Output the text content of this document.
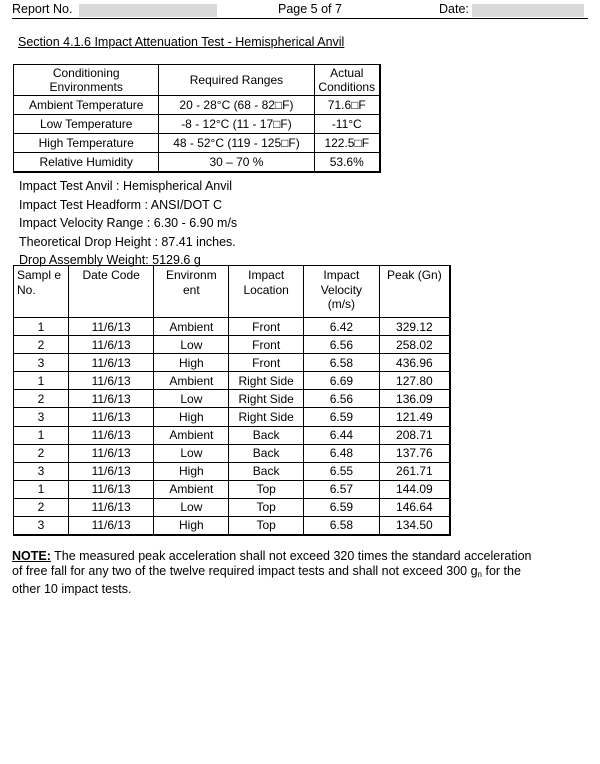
Report No.	Page 5 of 7	Date:
Section 4.1.6 Impact Attenuation Test - Hemispherical Anvil
Conditioning Environments	Required Ranges	Actual Conditions
Ambient Temperature	20 - 28°C (68 - 82□F)	71.6□F
Low Temperature	-8 - 12°C (11 - 17□F)	-11°C
High Temperature	48 - 52°C (119 - 125□F)	122.5□F
Relative Humidity	30 – 70 %	53.6%
Impact Test Anvil : Hemispherical Anvil
Impact Test Headform : ANSI/DOT C
Impact Velocity Range : 6.30 - 6.90 m/s
Theoretical Drop Height : 87.41 inches.
Drop Assembly Weight: 5129.6 g
Sampl e No.	Date Code	Environm ent	Impact Location	Impact Velocity (m/s)	Peak (Gn)
1	11/6/13	Ambient	Front	6.42	329.12
2	11/6/13	Low	Front	6.56	258.02
3	11/6/13	High	Front	6.58	436.96
1	11/6/13	Ambient	Right Side	6.69	127.80
2	11/6/13	Low	Right Side	6.56	136.09
3	11/6/13	High	Right Side	6.59	121.49
1	11/6/13	Ambient	Back	6.44	208.71
2	11/6/13	Low	Back	6.48	137.76
3	11/6/13	High	Back	6.55	261.71
1	11/6/13	Ambient	Top	6.57	144.09
2	11/6/13	Low	Top	6.59	146.64
3	11/6/13	High	Top	6.58	134.50
NOTE: The measured peak acceleration shall not exceed 320 times the standard acceleration of free fall for any two of the twelve required impact tests and shall not exceed 300 $g_n$ for the other 10 impact tests.
